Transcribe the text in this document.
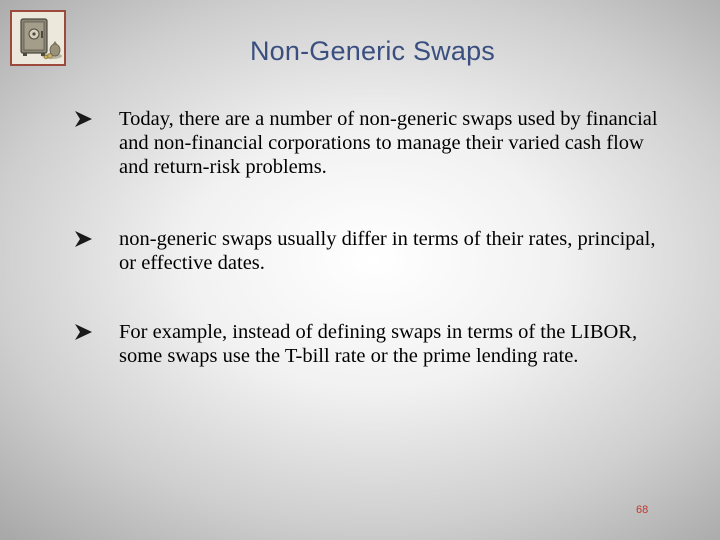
Non-Generic Swaps
Today, there are a number of non-generic swaps used by financial and non-financial corporations to manage their varied cash flow and return-risk problems.
non-generic swaps usually differ in terms of their rates, principal, or effective dates.
For example, instead of defining swaps in terms of the LIBOR, some swaps use the T-bill rate or the prime lending rate.
68
